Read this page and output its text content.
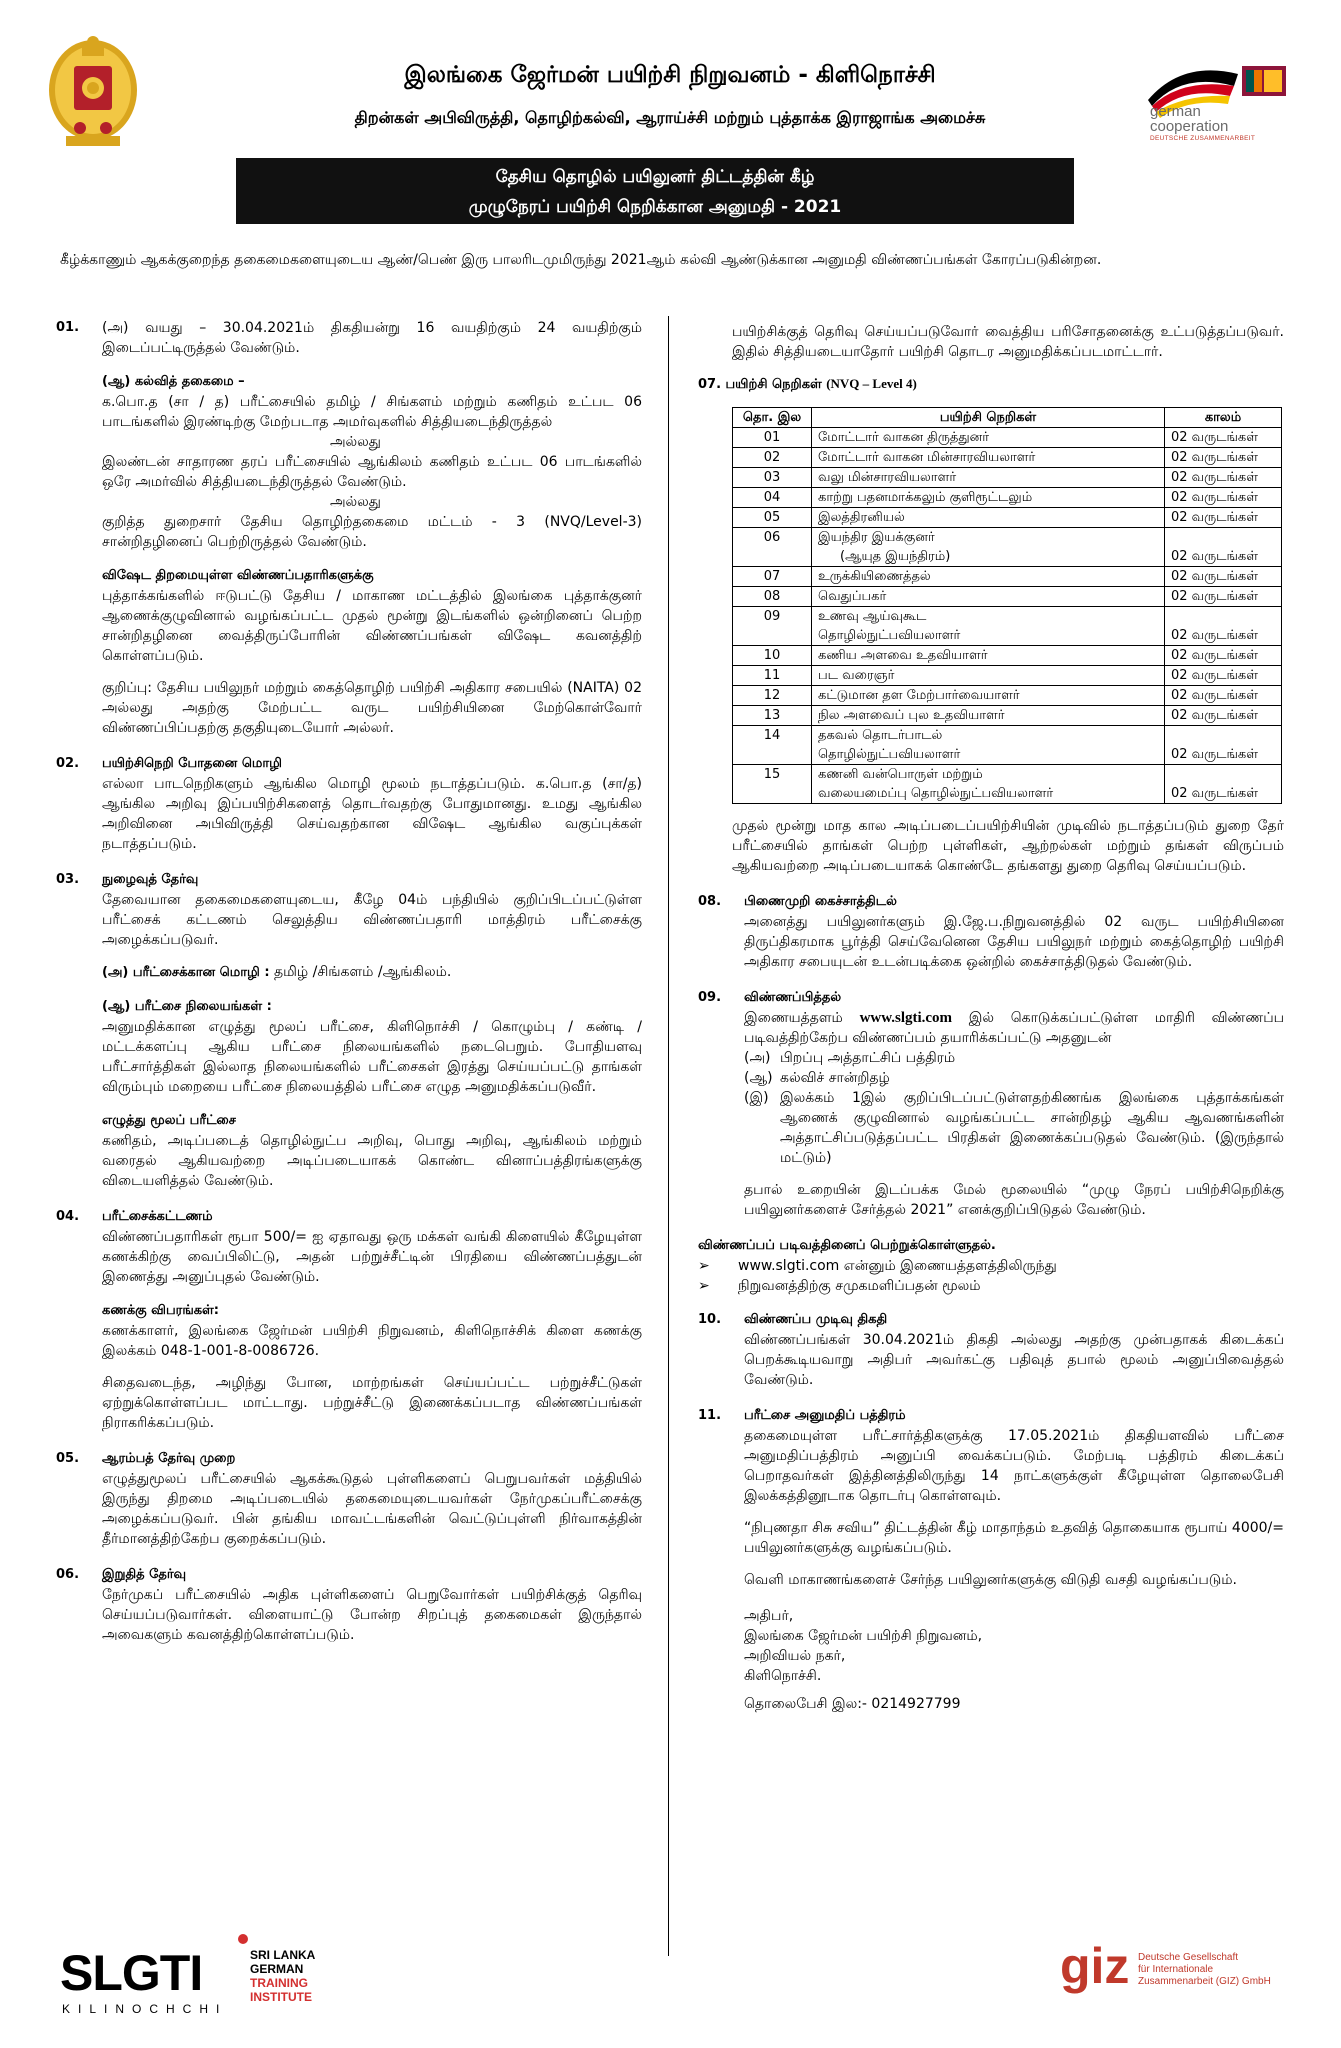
இலங்கை ஜேர்மன் பயிற்சி நிறுவனம் - கிளிநொச்சி
திறன்கள் அபிவிருத்தி, தொழிற்கல்வி, ஆராய்ச்சி மற்றும் புத்தாக்க இராஜாங்க அமைச்சு	german
cooperation
DEUTSCHE ZUSAMMENARBEIT
தேசிய தொழில் பயிலுனர் திட்டத்தின் கீழ்
முழுநேரப் பயிற்சி நெறிக்கான அனுமதி - 2021
கீழ்க்காணும் ஆகக்குறைந்த தகைமைகளையுடைய ஆண்/பெண் இரு பாலரிடமுமிருந்து 2021ஆம் கல்வி ஆண்டுக்கான அனுமதி விண்ணப்பங்கள் கோரப்படுகின்றன.
01. (அ) வயது – 30.04.2021ம் திகதியன்று 16 வயதிற்கும் 24 வயதிற்கும் இடைப்பட்டிருத்தல் வேண்டும்.

(ஆ) கல்வித் தகைமை –

க.பொ.த (சா / த) பரீட்சையில் தமிழ் / சிங்களம் மற்றும் கணிதம் உட்பட 06 பாடங்களில் இரண்டிற்கு மேற்படாத அமர்வுகளில் சித்தியடைந்திருத்தல்

அல்லது

இலண்டன் சாதாரண தரப் பரீட்சையில் ஆங்கிலம் கணிதம் உட்பட 06 பாடங்களில் ஒரே அமர்வில் சித்தியடைந்திருத்தல் வேண்டும்.

அல்லது

குறித்த துறைசார் தேசிய தொழிற்தகைமை மட்டம் - 3 (NVQ/Level-3) சான்றிதழினைப் பெற்றிருத்தல் வேண்டும்.

விஷேட திறமையுள்ள விண்ணப்பதாரிகளுக்கு

புத்தாக்கங்களில் ஈடுபட்டு தேசிய / மாகாண மட்டத்தில் இலங்கை புத்தாக்குனர் ஆணைக்குழுவினால் வழங்கப்பட்ட முதல் மூன்று இடங்களில் ஒன்றினைப் பெற்ற சான்றிதழினை வைத்திருப்போரின் விண்ணப்பங்கள் விஷேட கவனத்திற் கொள்ளப்படும்.

குறிப்பு: தேசிய பயிலுநர் மற்றும் கைத்தொழிற் பயிற்சி அதிகார சபையில் (NAITA) 02 அல்லது அதற்கு மேற்பட்ட வருட பயிற்சியினை மேற்கொள்வோர் விண்ணப்பிப்பதற்கு தகுதியுடையோர் அல்லர்.

02. பயிற்சிநெறி போதனை மொழி

எல்லா பாடநெறிகளும் ஆங்கில மொழி மூலம் நடாத்தப்படும். க.பொ.த (சா/த) ஆங்கில அறிவு இப்பயிற்சிகளைத் தொடர்வதற்கு போதுமானது. உமது ஆங்கில அறிவினை அபிவிருத்தி செய்வதற்கான விஷேட ஆங்கில வகுப்புக்கள் நடாத்தப்படும்.

03. நுழைவுத் தேர்வு

தேவையான தகைமைகளையுடைய, கீழே 04ம் பந்தியில் குறிப்பிடப்பட்டுள்ள பரீட்சைக் கட்டணம் செலுத்திய விண்ணப்பதாரி மாத்திரம் பரீட்சைக்கு அழைக்கப்படுவர்.

(அ) பரீட்சைக்கான மொழி : தமிழ் /சிங்களம் /ஆங்கிலம்.
(ஆ) பரீட்சை நிலையங்கள் :

அனுமதிக்கான எழுத்து மூலப் பரீட்சை, கிளிநொச்சி / கொழும்பு / கண்டி /மட்டக்களப்பு ஆகிய பரீட்சை நிலையங்களில் நடைபெறும். போதியளவு பரீட்சார்த்திகள் இல்லாத நிலையங்களில் பரீட்சைகள் இரத்து செய்யப்பட்டு தாங்கள் விரும்பும் மறையை பரீட்சை நிலையத்தில் பரீட்சை எழுத அனுமதிக்கப்படுவீர்.

எழுத்து மூலப் பரீட்சை

கணிதம், அடிப்படைத் தொழில்நுட்ப அறிவு, பொது அறிவு, ஆங்கிலம் மற்றும் வரைதல் ஆகியவற்றை அடிப்படையாகக் கொண்ட வினாப்பத்திரங்களுக்கு விடையளித்தல் வேண்டும்.

04. பரீட்சைக்கட்டணம்

விண்ணப்பதாரிகள் ரூபா 500/= ஐ ஏதாவது ஒரு மக்கள் வங்கி கிளையில் கீழேயுள்ள கணக்கிற்கு வைப்பிலிட்டு, அதன் பற்றுச்சீட்டின் பிரதியை விண்ணப்பத்துடன் இணைத்து அனுப்புதல் வேண்டும்.

கணக்கு விபரங்கள்:

கணக்காளர், இலங்கை ஜேர்மன் பயிற்சி நிறுவனம், கிளிநொச்சிக் கிளை கணக்கு இலக்கம் 048-1-001-8-0086726.

சிதைவடைந்த, அழிந்து போன, மாற்றங்கள் செய்யப்பட்ட பற்றுச்சீட்டுகள் ஏற்றுக்கொள்ளப்பட மாட்டாது. பற்றுச்சீட்டு இணைக்கப்படாத விண்ணப்பங்கள் நிராகரிக்கப்படும்.

05. ஆரம்பத் தேர்வு முறை

எழுத்துமூலப் பரீட்சையில் ஆகக்கூடுதல் புள்ளிகளைப் பெறுபவர்கள் மத்தியில் இருந்து திறமை அடிப்படையில் தகைமையுடையவர்கள் நேர்முகப்பரீட்சைக்கு அழைக்கப்படுவர். பின் தங்கிய மாவட்டங்களின் வெட்டுப்புள்ளி நிர்வாகத்தின் தீர்மானத்திற்கேற்ப குறைக்கப்படும்.

06. இறுதித் தேர்வு

நேர்முகப் பரீட்சையில் அதிக புள்ளிகளைப் பெறுவோர்கள் பயிற்சிக்குத் தெரிவு செய்யப்படுவார்கள். விளையாட்டு போன்ற சிறப்புத் தகைமைகள் இருந்தால் அவைகளும் கவனத்திற்கொள்ளப்படும்.

பயிற்சிக்குத் தெரிவு செய்யப்படுவோர் வைத்திய பரிசோதனைக்கு உட்படுத்தப்படுவர். இதில் சித்தியடையாதோர் பயிற்சி தொடர அனுமதிக்கப்படமாட்டார்.

07. பயிற்சி நெறிகள் (NVQ – Level 4)
தொ. இல	பயிற்சி நெறிகள்	காலம்
01	மோட்டார் வாகன திருத்துனர்	02 வருடங்கள்
02	மோட்டார் வாகன மின்சாரவியலாளர்	02 வருடங்கள்
03	வலு மின்சாரவியலாளர்	02 வருடங்கள்
04	காற்று பதனமாக்கலும் குளிரூட்டலும்	02 வருடங்கள்
05	இலத்திரனியல்	02 வருடங்கள்
06	இயந்திர இயக்குனர்
(ஆயுத இயந்திரம்)	02 வருடங்கள்
07	உருக்கியிணைத்தல்	02 வருடங்கள்
08	வெதுப்பகர்	02 வருடங்கள்
09	உணவு ஆய்வுகூட
தொழில்நுட்பவியலாளர்	02 வருடங்கள்
10	கணிய அளவை உதவியாளர்	02 வருடங்கள்
11	பட வரைஞர்	02 வருடங்கள்
12	கட்டுமான தள மேற்பார்வையாளர்	02 வருடங்கள்
13	நில அளவைப் புல உதவியாளர்	02 வருடங்கள்
14	தகவல் தொடர்பாடல்
தொழில்நுட்பவியலாளர்	02 வருடங்கள்
15	கணனி வன்பொருள் மற்றும்
வலையமைப்பு தொழில்நுட்பவியலாளர்	02 வருடங்கள்

முதல் மூன்று மாத கால அடிப்படைப்பயிற்சியின் முடிவில் நடாத்தப்படும் துறை தேர் பரீட்சையில் தாங்கள் பெற்ற புள்ளிகள், ஆற்றல்கள் மற்றும் தங்கள் விருப்பம் ஆகியவற்றை அடிப்படையாகக் கொண்டே தங்களது துறை தெரிவு செய்யப்படும்.

08. பிணைமுறி கைச்சாத்திடல்

அனைத்து பயிலுனர்களும் இ.ஜே.ப.நிறுவனத்தில் 02 வருட பயிற்சியினை திருப்திகரமாக பூர்த்தி செய்வேனென தேசிய பயிலுநர் மற்றும் கைத்தொழிற் பயிற்சி அதிகார சபையுடன் உடன்படிக்கை ஒன்றில் கைச்சாத்திடுதல் வேண்டும்.

09. விண்ணப்பித்தல்

இணையத்தளம் www.slgti.com இல் கொடுக்கப்பட்டுள்ள மாதிரி விண்ணப்ப படிவத்திற்கேற்ப விண்ணப்பம் தயாரிக்கப்பட்டு அதனுடன்

(அ) பிறப்பு அத்தாட்சிப் பத்திரம்
(ஆ) கல்விச் சான்றிதழ்
(இ) இலக்கம் 1இல் குறிப்பிடப்பட்டுள்ளதற்கிணங்க இலங்கை புத்தாக்கங்கள் ஆணைக் குழுவினால் வழங்கப்பட்ட சான்றிதழ் ஆகிய ஆவணங்களின் அத்தாட்சிப்படுத்தப்பட்ட பிரதிகள் இணைக்கப்படுதல் வேண்டும். (இருந்தால் மட்டும்)

தபால் உறையின் இடப்பக்க மேல் மூலையில் “முழு நேரப் பயிற்சிநெறிக்கு பயிலுனர்களைச் சேர்த்தல் 2021” எனக்குறிப்பிடுதல் வேண்டும்.

விண்ணப்பப் படிவத்தினைப் பெற்றுக்கொள்ளுதல்.
➢ www.slgti.com என்னும் இணையத்தளத்திலிருந்து
➢ நிறுவனத்திற்கு சமுகமளிப்பதன் மூலம்
10. விண்ணப்ப முடிவு திகதி

விண்ணப்பங்கள் 30.04.2021ம் திகதி அல்லது அதற்கு முன்பதாகக் கிடைக்கப் பெறக்கூடியவாறு அதிபர் அவர்கட்கு பதிவுத் தபால் மூலம் அனுப்பிவைத்தல் வேண்டும்.

11. பரீட்சை அனுமதிப் பத்திரம்

தகைமையுள்ள பரீட்சார்த்திகளுக்கு 17.05.2021ம் திகதியளவில் பரீட்சை அனுமதிப்பத்திரம் அனுப்பி வைக்கப்படும். மேற்படி பத்திரம் கிடைக்கப் பெறாதவர்கள் இத்தினத்திலிருந்து 14 நாட்களுக்குள் கீழேயுள்ள தொலைபேசி இலக்கத்தினூடாக தொடர்பு கொள்ளவும்.

“நிபுணதா சிசு சவிய” திட்டத்தின் கீழ் மாதாந்தம் உதவித் தொகையாக ரூபாய் 4000/= பயிலுனர்களுக்கு வழங்கப்படும்.

வெளி மாகாணங்களைச் சேர்ந்த பயிலுனர்களுக்கு விடுதி வசதி வழங்கப்படும்.

அதிபர்,
இலங்கை ஜேர்மன் பயிற்சி நிறுவனம்,
அறிவியல் நகர்,
கிளிநொச்சி.
தொலைபேசி இல:- 0214927799
SLGTI	SRI LANKA
GERMAN
TRAINING
INSTITUTE
KILINOCHCHI
giz Deutsche Gesellschaft
für Internationale
Zusammenarbeit (GIZ) GmbH
